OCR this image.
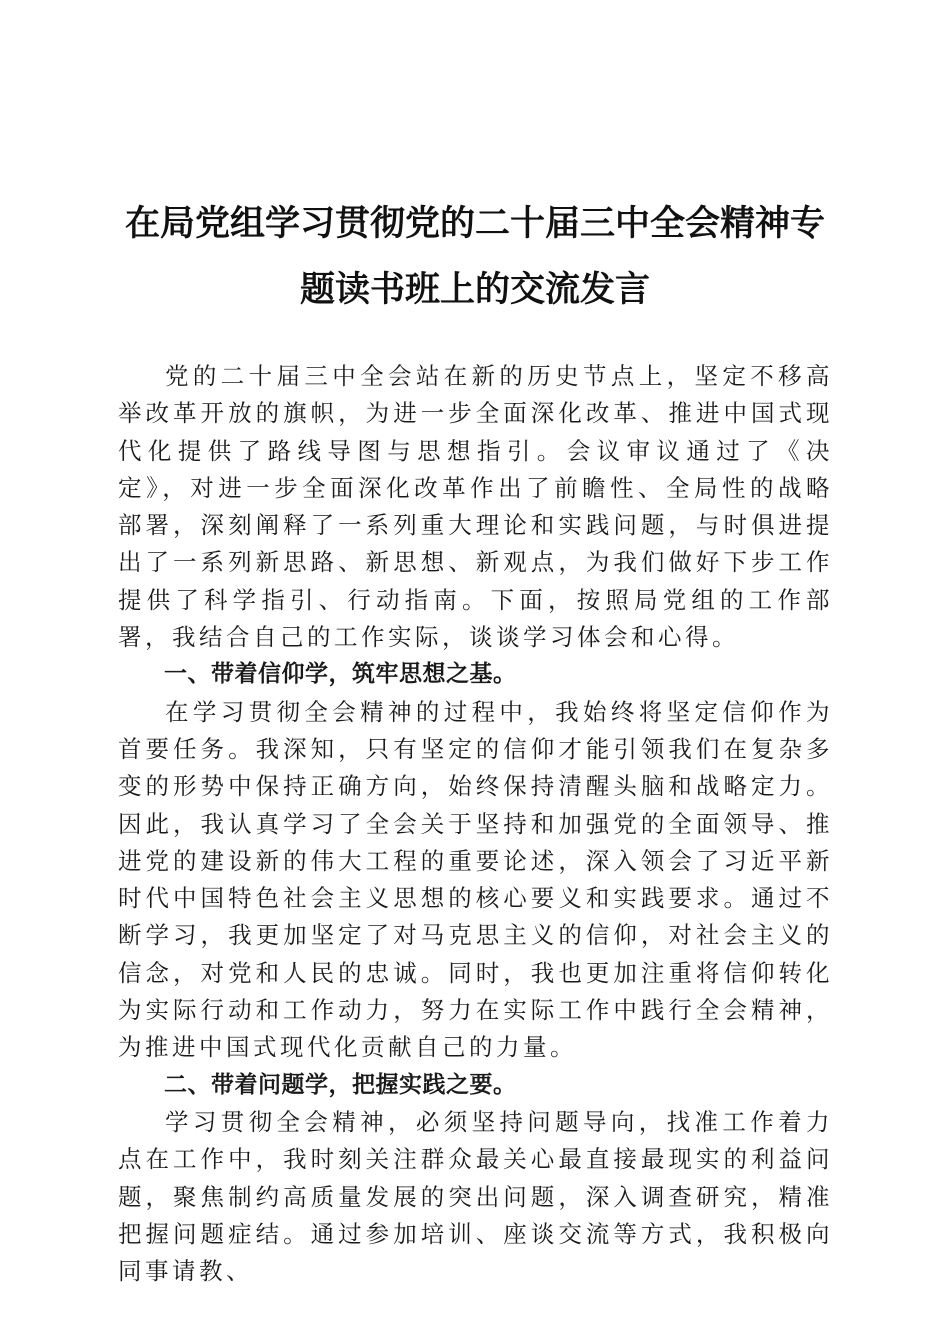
在局党组学习贯彻党的二十届三中全会精神专
题读书班上的交流发言

党的二十届三中全会站在新的历史节点上，坚定不移高举改革开放的旗帜，为进一步全面深化改革、推进中国式现代化提供了路线导图与思想指引。会议审议通过了《决定》，对进一步全面深化改革作出了前瞻性、全局性的战略部署，深刻阐释了一系列重大理论和实践问题，与时俱进提出了一系列新思路、新思想、新观点，为我们做好下步工作提供了科学指引、行动指南。下面，按照局党组的工作部署，我结合自己的工作实际，谈谈学习体会和心得。

一、带着信仰学，筑牢思想之基。

在学习贯彻全会精神的过程中，我始终将坚定信仰作为首要任务。我深知，只有坚定的信仰才能引领我们在复杂多变的形势中保持正确方向，始终保持清醒头脑和战略定力。因此，我认真学习了全会关于坚持和加强党的全面领导、推进党的建设新的伟大工程的重要论述，深入领会了习近平新时代中国特色社会主义思想的核心要义和实践要求。通过不断学习，我更加坚定了对马克思主义的信仰，对社会主义的信念，对党和人民的忠诚。同时，我也更加注重将信仰转化为实际行动和工作动力，努力在实际工作中践行全会精神，为推进中国式现代化贡献自己的力量。

二、带着问题学，把握实践之要。

学习贯彻全会精神，必须坚持问题导向，找准工作着力点在工作中，我时刻关注群众最关心最直接最现实的利益问题，聚焦制约高质量发展的突出问题，深入调查研究，精准把握问题症结。通过参加培训、座谈交流等方式，我积极向同事请教、
